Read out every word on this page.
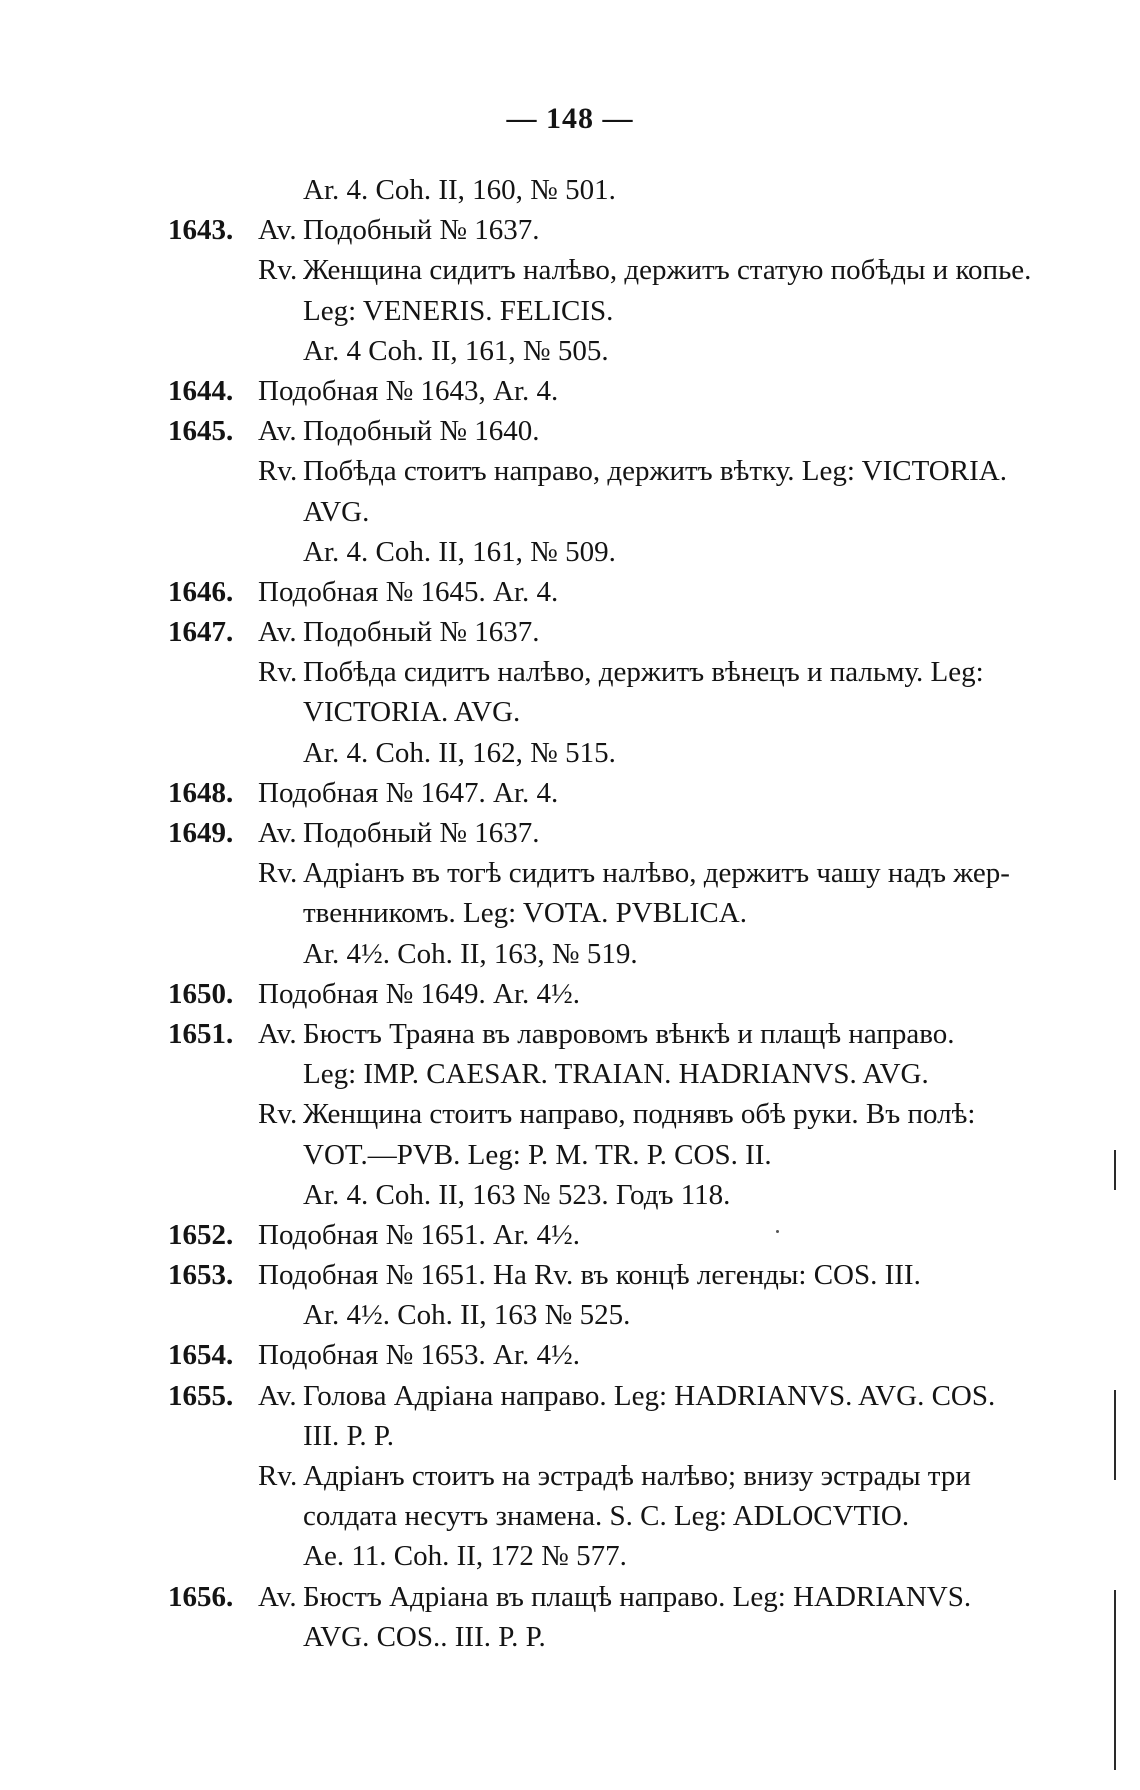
— 148 —
Ar. 4. Coh. II, 160, № 501.
1643. Av. Подобный № 1637.
Rv. Женщина сидитъ налѣво, держитъ статую побѣды и копье.
Leg: VENERIS. FELICIS.
Ar. 4 Coh. II, 161, № 505.
1644. Подобная № 1643, Ar. 4.
1645. Av. Подобный № 1640.
Rv. Побѣда стоитъ направо, держитъ вѣтку. Leg: VICTORIA.
AVG.
Ar. 4. Coh. II, 161, № 509.
1646. Подобная № 1645. Ar. 4.
1647. Av. Подобный № 1637.
Rv. Побѣда сидитъ налѣво, держитъ вѣнецъ и пальму. Leg:
VICTORIA. AVG.
Ar. 4. Coh. II, 162, № 515.
1648. Подобная № 1647. Ar. 4.
1649. Av. Подобный № 1637.
Rv. Адріанъ въ тогѣ сидитъ налѣво, держитъ чашу надъ жер-
твенникомъ. Leg: VOTA. PVBLICA.
Ar. 4½. Coh. II, 163, № 519.
1650. Подобная № 1649. Ar. 4½.
1651. Av. Бюстъ Траяна въ лавровомъ вѣнкѣ и плащѣ направо.
Leg: IMP. CAESAR. TRAIAN. HADRIANVS. AVG.
Rv. Женщина стоитъ направо, поднявъ обѣ руки. Въ полѣ:
VOT.—PVB. Leg: P. M. TR. P. COS. II.
Ar. 4. Coh. II, 163 № 523. Годъ 118.
1652. Подобная № 1651. Ar. 4½.
1653. Подобная № 1651. На Rv. въ концѣ легенды: COS. III.
Ar. 4½. Coh. II, 163 № 525.
1654. Подобная № 1653. Ar. 4½.
1655. Av. Голова Адріана направо. Leg: HADRIANVS. AVG. COS.
III. P. P.
Rv. Адріанъ стоитъ на эстрадѣ налѣво; внизу эстрады три
солдата несутъ знамена. S. C. Leg: ADLOCVTIO.
Ae. 11. Coh. II, 172 № 577.
1656. Av. Бюстъ Адріана въ плащѣ направо. Leg: HADRIANVS.
AVG. COS.. III. P. P.
